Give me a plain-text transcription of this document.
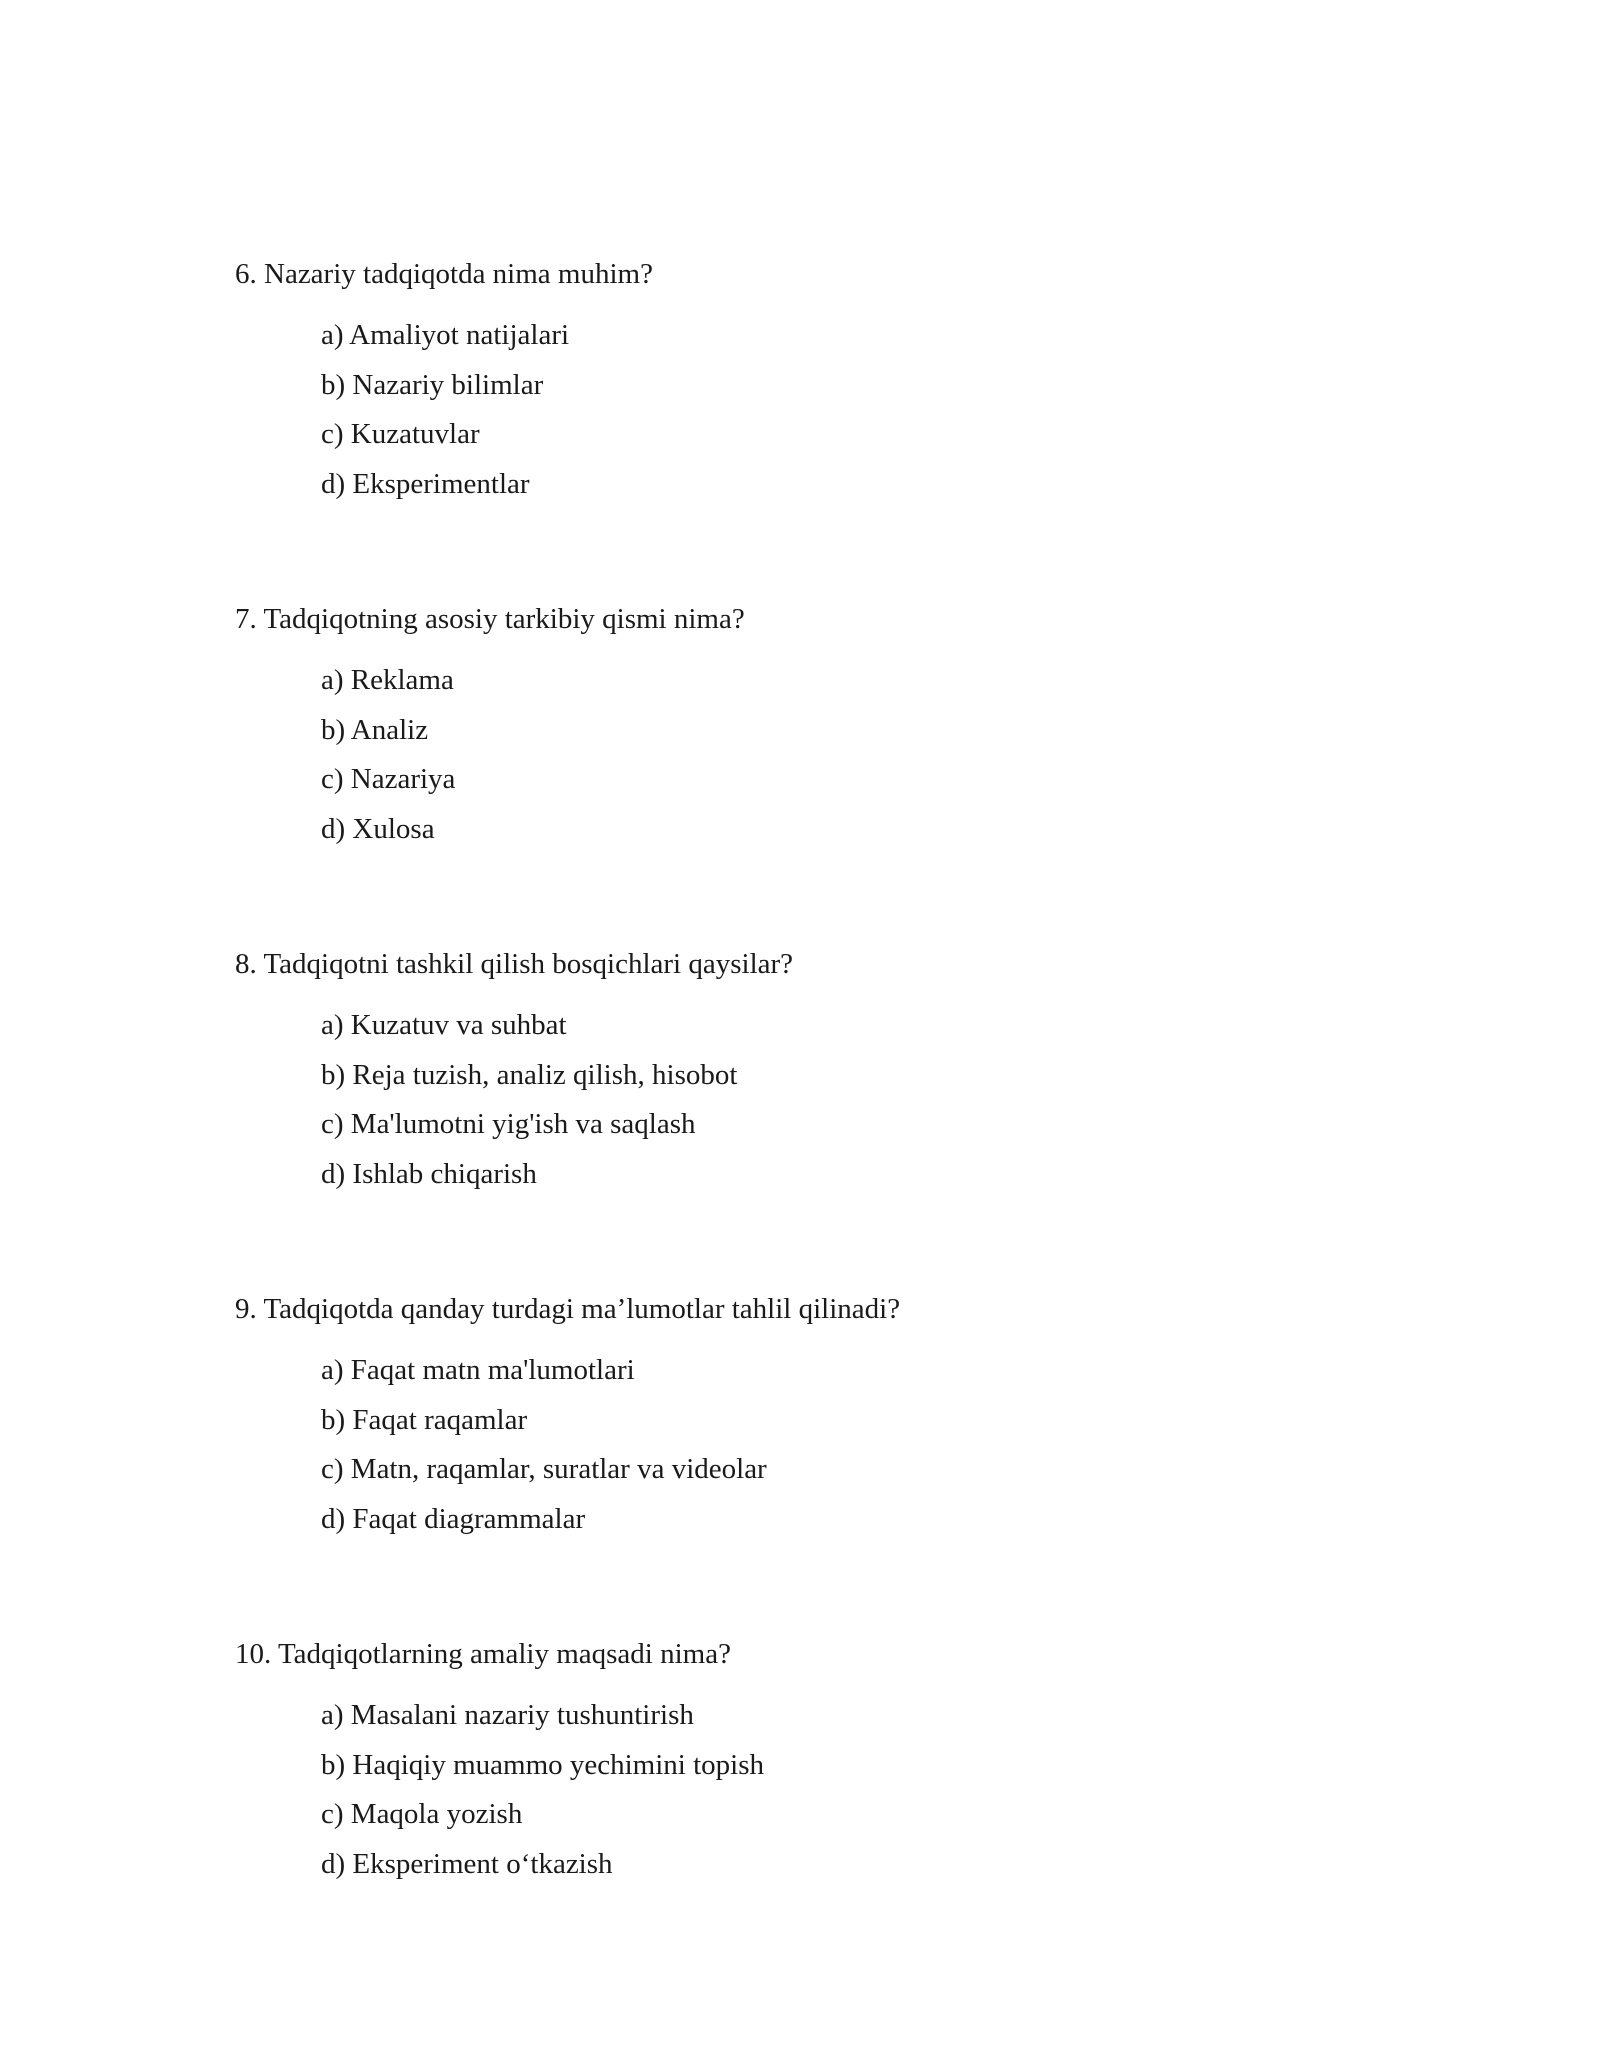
6. Nazariy tadqiqotda nima muhim?
a) Amaliyot natijalari
b) Nazariy bilimlar
c) Kuzatuvlar
d) Eksperimentlar
7. Tadqiqotning asosiy tarkibiy qismi nima?
a) Reklama
b) Analiz
c) Nazariya
d) Xulosa
8. Tadqiqotni tashkil qilish bosqichlari qaysilar?
a) Kuzatuv va suhbat
b) Reja tuzish, analiz qilish, hisobot
c) Ma'lumotni yig'ish va saqlash
d) Ishlab chiqarish
9. Tadqiqotda qanday turdagi ma’lumotlar tahlil qilinadi?
a) Faqat matn ma'lumotlari
b) Faqat raqamlar
c) Matn, raqamlar, suratlar va videolar
d) Faqat diagrammalar
10. Tadqiqotlarning amaliy maqsadi nima?
a) Masalani nazariy tushuntirish
b) Haqiqiy muammo yechimini topish
c) Maqola yozish
d) Eksperiment o‘tkazish
